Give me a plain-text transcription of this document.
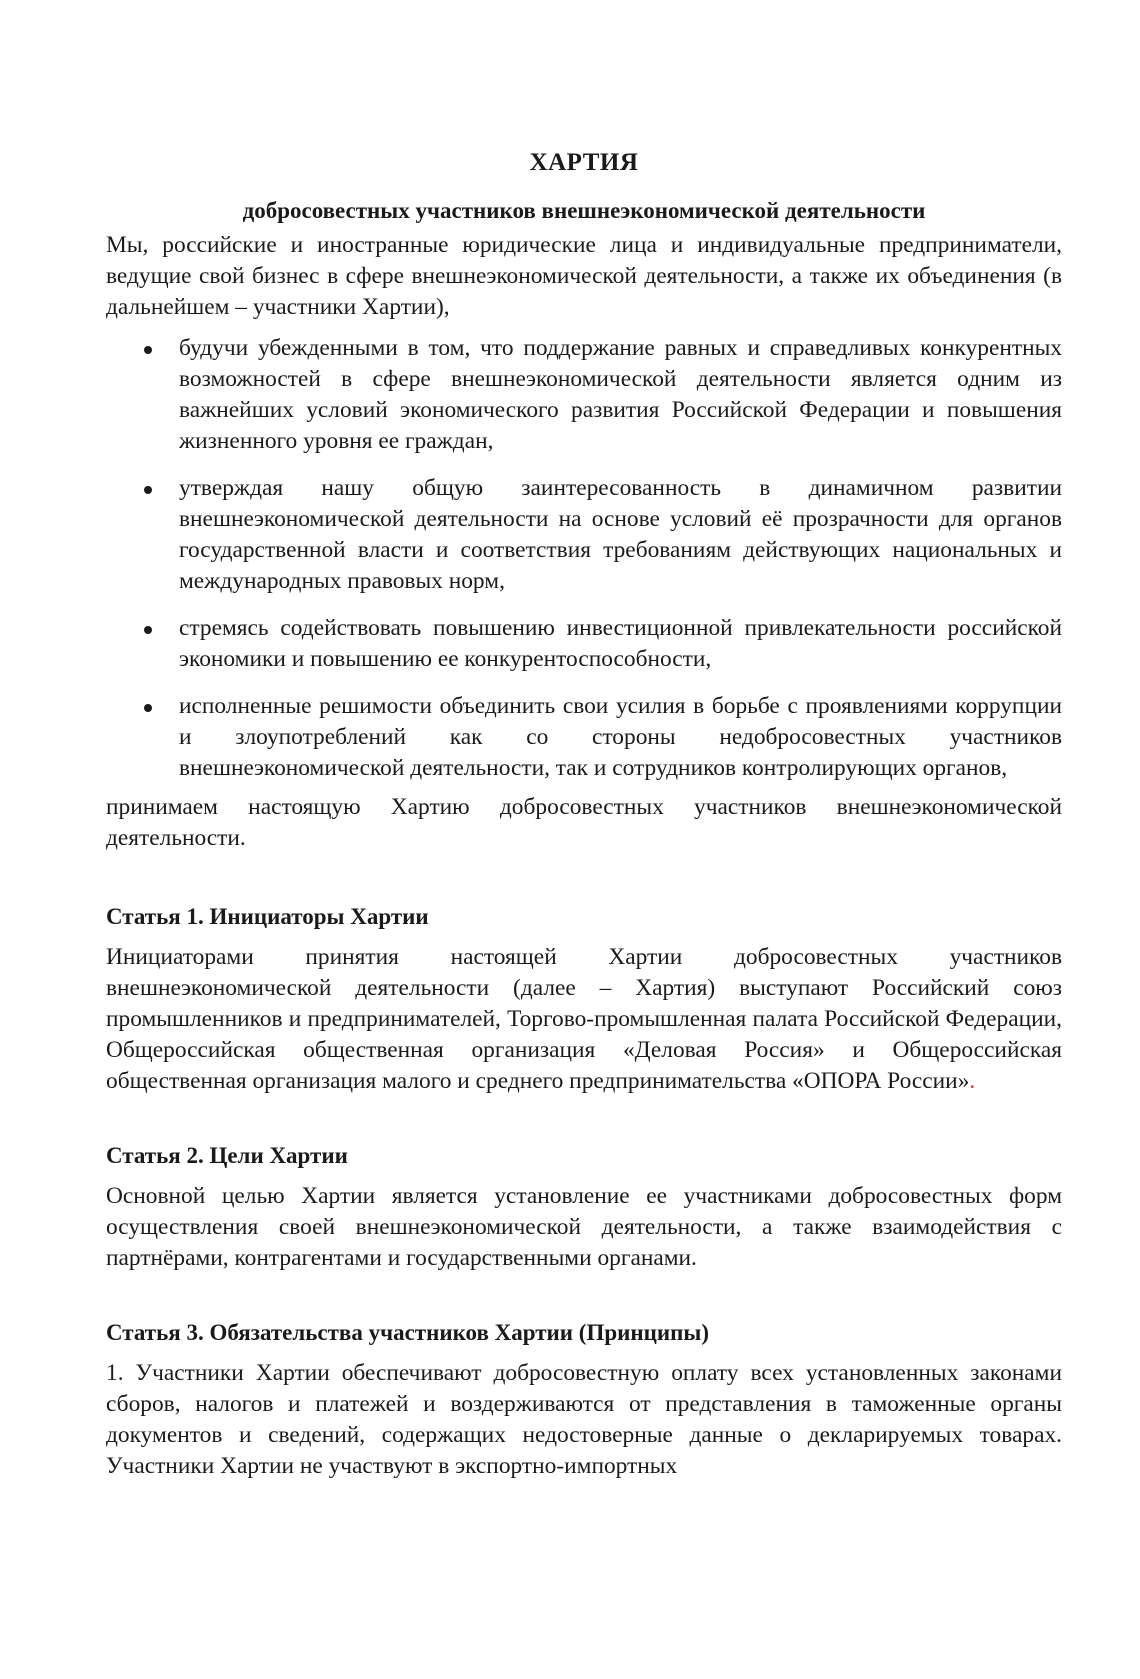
ХАРТИЯ

добросовестных участников внешнеэкономической деятельности

Мы, российские и иностранные юридические лица и индивидуальные предприниматели, ведущие свой бизнес в сфере внешнеэкономической деятельности, а также их объединения (в дальнейшем – участники Хартии),

будучи убежденными в том, что поддержание равных и справедливых конкурентных возможностей в сфере внешнеэкономической деятельности является одним из важнейших условий экономического развития Российской Федерации и повышения жизненного уровня ее граждан,
утверждая нашу общую заинтересованность в динамичном развитии внешнеэкономической деятельности на основе условий её прозрачности для органов государственной власти и соответствия требованиям действующих национальных и международных правовых норм,
стремясь содействовать повышению инвестиционной привлекательности российской экономики и повышению ее конкурентоспособности,
исполненные решимости объединить свои усилия в борьбе с проявлениями коррупции и злоупотреблений как со стороны недобросовестных участников внешнеэкономической деятельности, так и сотрудников контролирующих органов,

принимаем настоящую Хартию добросовестных участников внешнеэкономической деятельности.

Статья 1. Инициаторы Хартии

Инициаторами принятия настоящей Хартии добросовестных участников внешнеэкономической деятельности (далее – Хартия) выступают Российский союз промышленников и предпринимателей, Торгово-промышленная палата Российской Федерации, Общероссийская общественная организация «Деловая Россия» и Общероссийская общественная организация малого и среднего предпринимательства «ОПОРА России».

Статья 2. Цели Хартии

Основной целью Хартии является установление ее участниками добросовестных форм осуществления своей внешнеэкономической деятельности, а также взаимодействия с партнёрами, контрагентами и государственными органами.

Статья 3. Обязательства участников Хартии (Принципы)

1. Участники Хартии обеспечивают добросовестную оплату всех установленных законами сборов, налогов и платежей и воздерживаются от представления в таможенные органы документов и сведений, содержащих недостоверные данные о декларируемых товарах. Участники Хартии не участвуют в экспортно-импортных
